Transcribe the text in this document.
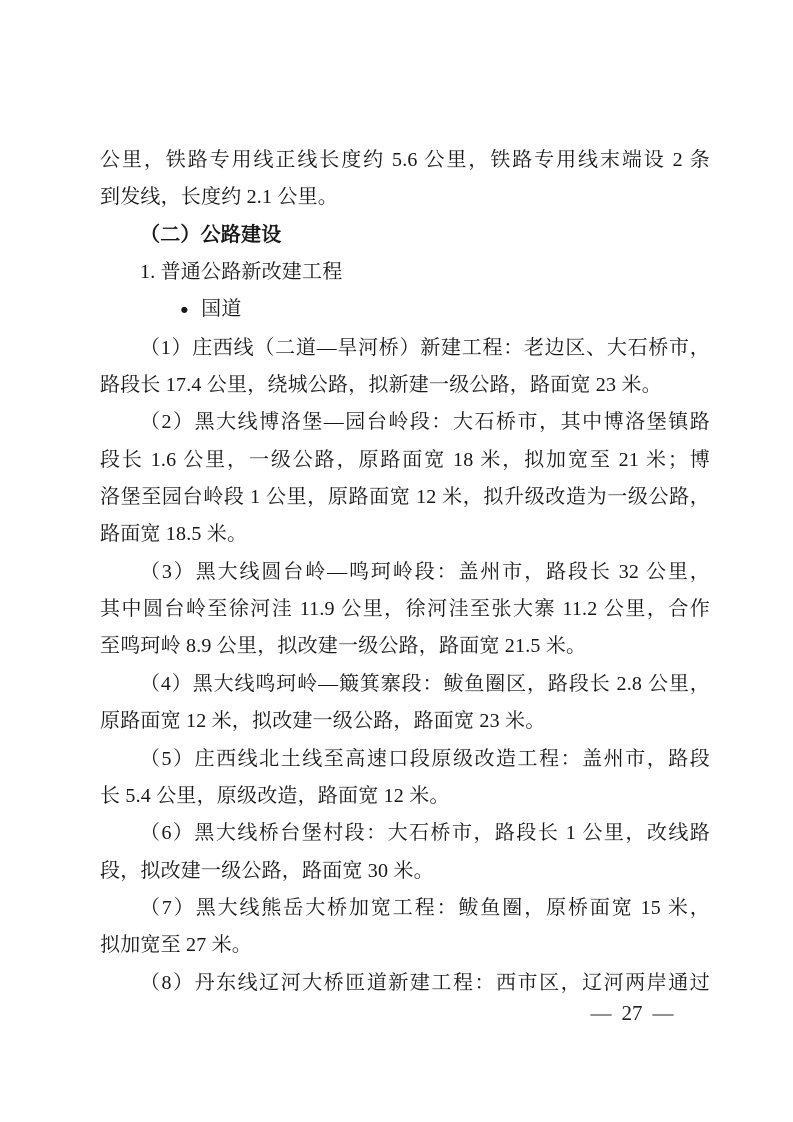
公里，铁路专用线正线长度约 5.6 公里，铁路专用线末端设 2 条
到发线，长度约 2.1 公里。
（二）公路建设
1. 普通公路新改建工程
● 国道
（1）庄西线（二道—旱河桥）新建工程：老边区、大石桥市，
路段长 17.4 公里，绕城公路，拟新建一级公路，路面宽 23 米。
（2）黑大线博洛堡—园台岭段：大石桥市，其中博洛堡镇路
段长 1.6 公里，一级公路，原路面宽 18 米，拟加宽至 21 米；博
洛堡至园台岭段 1 公里，原路面宽 12 米，拟升级改造为一级公路，
路面宽 18.5 米。
（3）黑大线圆台岭—鸣珂岭段：盖州市，路段长 32 公里，
其中圆台岭至徐河洼 11.9 公里，徐河洼至张大寨 11.2 公里，合作
至鸣珂岭 8.9 公里，拟改建一级公路，路面宽 21.5 米。
（4）黑大线鸣珂岭—簸箕寨段：鲅鱼圈区，路段长 2.8 公里，
原路面宽 12 米，拟改建一级公路，路面宽 23 米。
（5）庄西线北土线至高速口段原级改造工程：盖州市，路段
长 5.4 公里，原级改造，路面宽 12 米。
（6）黑大线桥台堡村段：大石桥市，路段长 1 公里，改线路
段，拟改建一级公路，路面宽 30 米。
（7）黑大线熊岳大桥加宽工程：鲅鱼圈，原桥面宽 15 米，
拟加宽至 27 米。
（8）丹东线辽河大桥匝道新建工程：西市区，辽河两岸通过
— 27 —
